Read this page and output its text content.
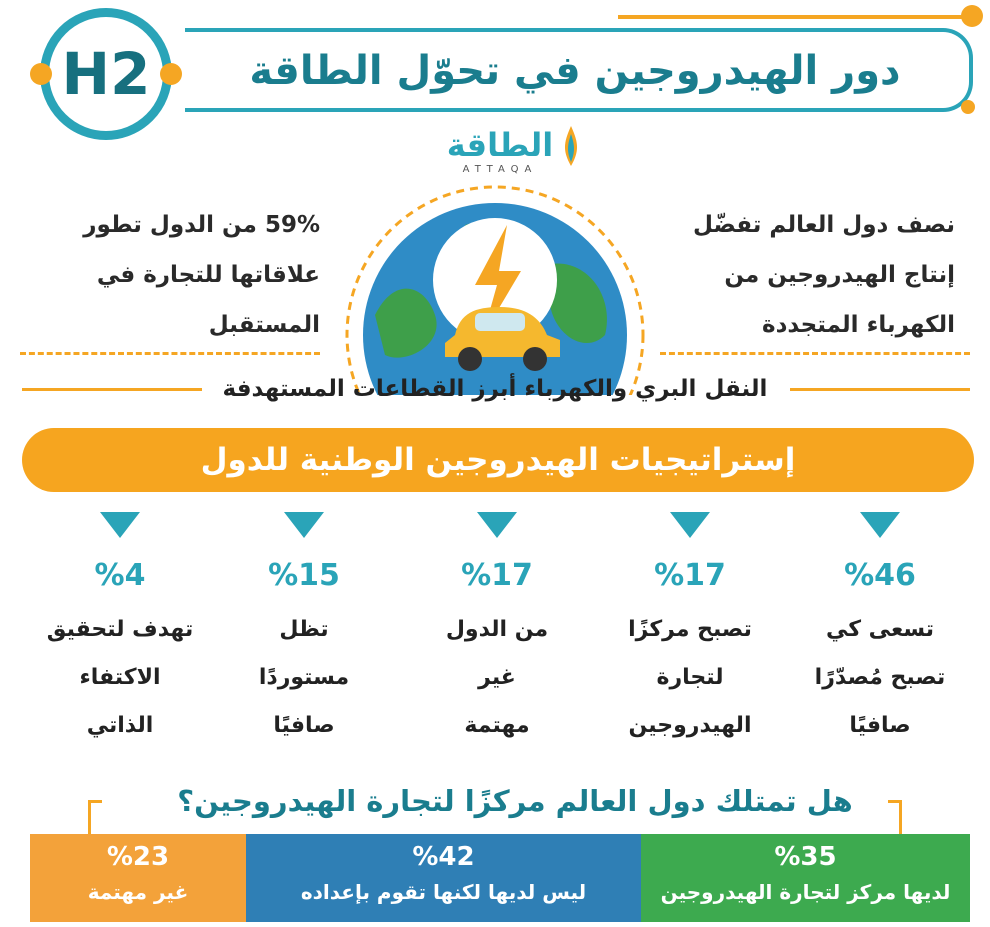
دور الهيدروجين في تحوّل الطاقة
H2
الطاقة
ATTAQA
59% من الدول تطور
علاقاتها للتجارة في
المستقبل
نصف دول العالم تفضّل
إنتاج الهيدروجين من
الكهرباء المتجددة
النقل البري والكهرباء أبرز القطاعات المستهدفة
إستراتيجيات الهيدروجين الوطنية للدول
%46
تسعى كي
تصبح مُصدّرًا
صافيًا
%17
تصبح مركزًا
لتجارة
الهيدروجين
%17
من الدول
غير
مهتمة
%15
تظل
مستوردًا
صافيًا
%4
تهدف لتحقيق
الاكتفاء
الذاتي
هل تمتلك دول العالم مركزًا لتجارة الهيدروجين؟
%35
لديها مركز لتجارة الهيدروجين
%42
ليس لديها لكنها تقوم بإعداده
%23
غير مهتمة
